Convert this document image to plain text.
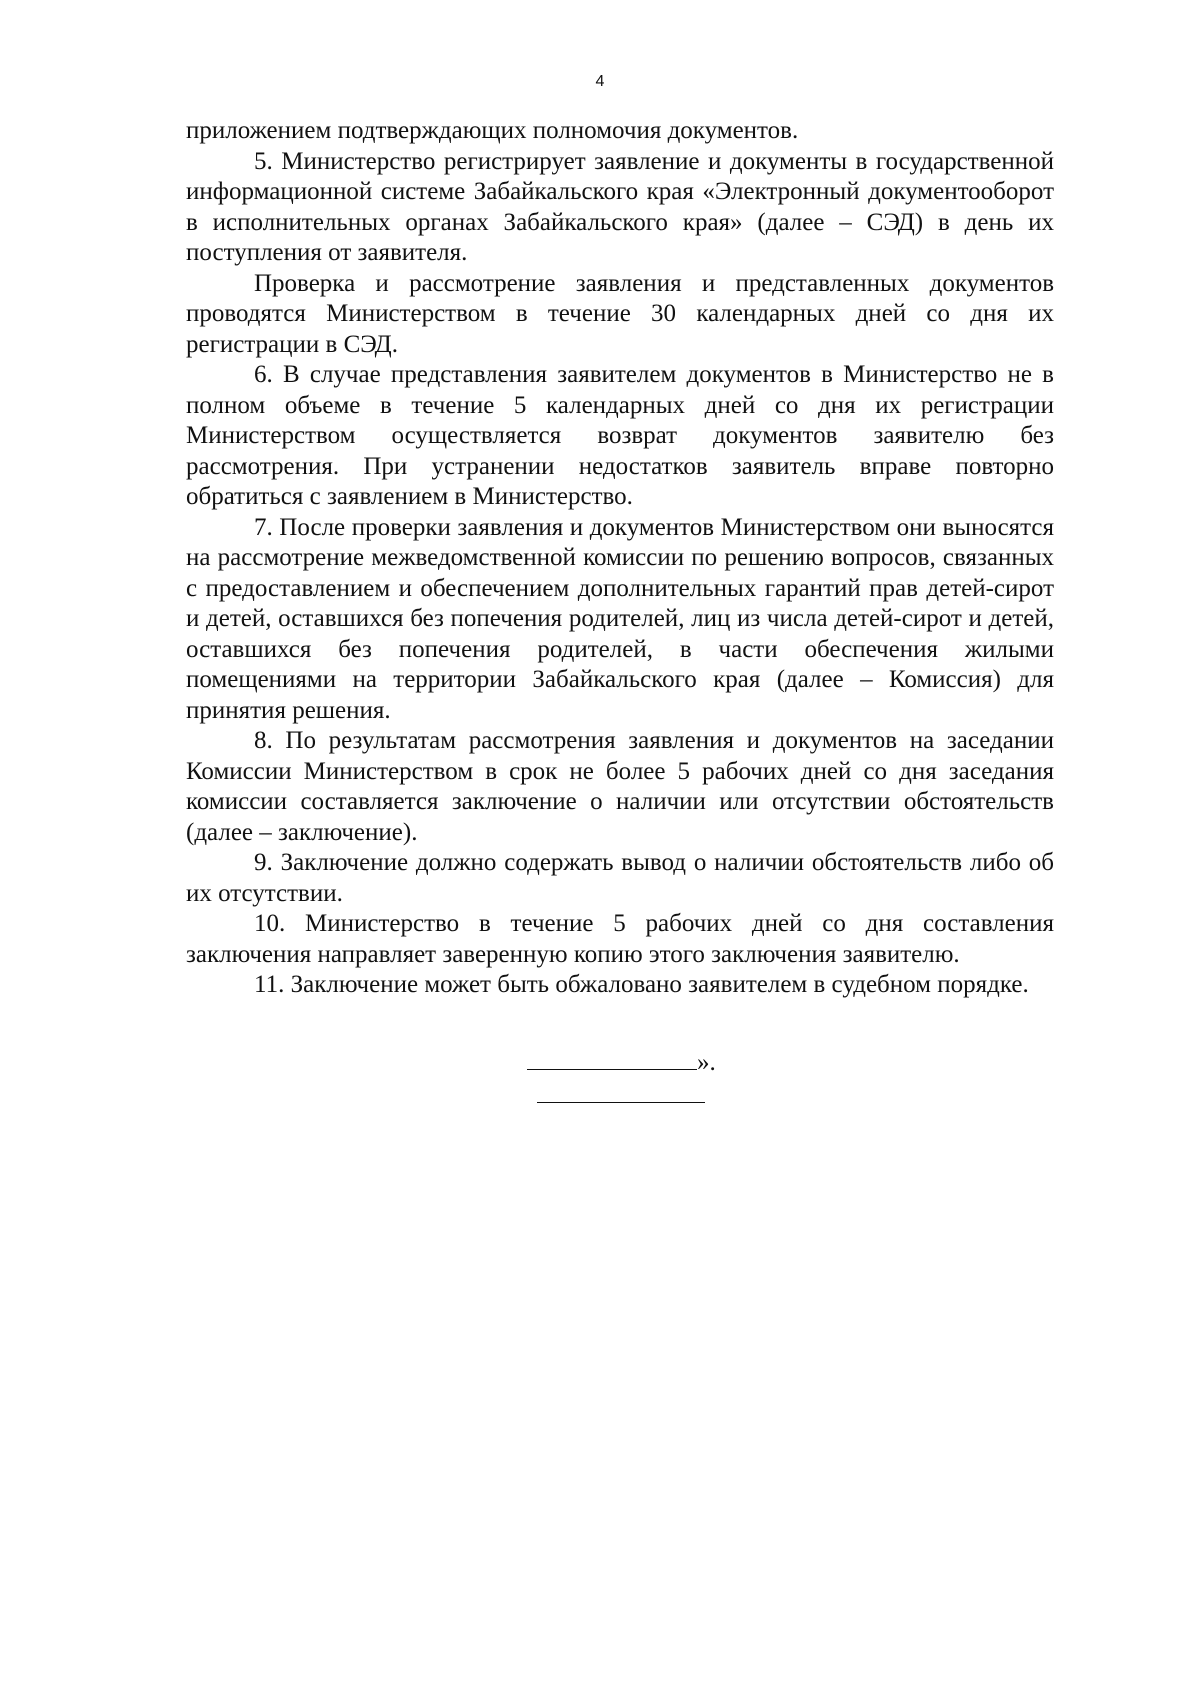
4

приложением подтверждающих полномочия документов.

5. Министерство регистрирует заявление и документы в государственной информационной системе Забайкальского края «Электронный документооборот в исполнительных органах Забайкальского края» (далее – СЭД) в день их поступления от заявителя.

Проверка и рассмотрение заявления и представленных документов проводятся Министерством в течение 30 календарных дней со дня их регистрации в СЭД.

6. В случае представления заявителем документов в Министерство не в полном объеме в течение 5 календарных дней со дня их регистрации Министерством осуществляется возврат документов заявителю без рассмотрения. При устранении недостатков заявитель вправе повторно обратиться с заявлением в Министерство.

7. После проверки заявления и документов Министерством они выносятся на рассмотрение межведомственной комиссии по решению вопросов, связанных с предоставлением и обеспечением дополнительных гарантий прав детей-сирот и детей, оставшихся без попечения родителей, лиц из числа детей-сирот и детей, оставшихся без попечения родителей, в части обеспечения жилыми помещениями на территории Забайкальского края (далее – Комиссия) для принятия решения.

8. По результатам рассмотрения заявления и документов на заседании Комиссии Министерством в срок не более 5 рабочих дней со дня заседания комиссии составляется заключение о наличии или отсутствии обстоятельств (далее – заключение).

9. Заключение должно содержать вывод о наличии обстоятельств либо об их отсутствии.

10. Министерство в течение 5 рабочих дней со дня составления заключения направляет заверенную копию этого заключения заявителю.

11. Заключение может быть обжаловано заявителем в судебном порядке.

».
